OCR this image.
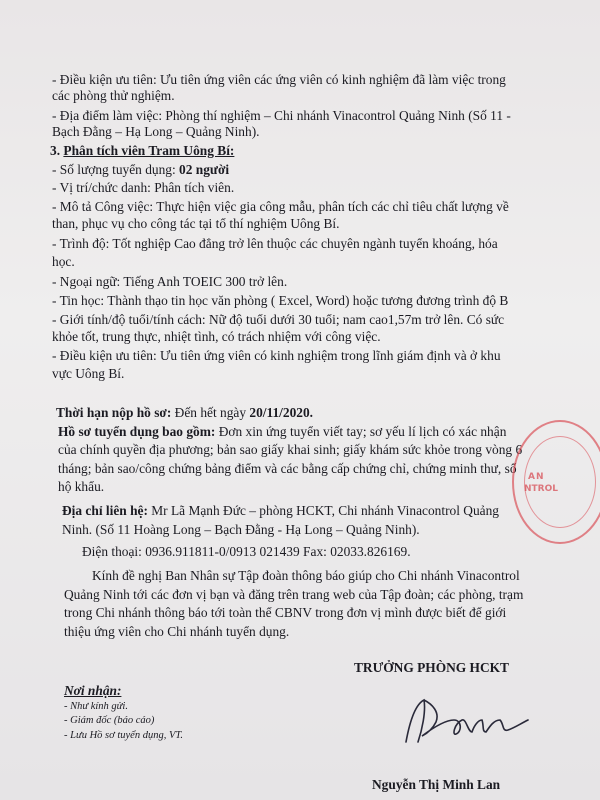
- Điều kiện ưu tiên: Ưu tiên ứng viên các ứng viên có kinh nghiệm đã làm việc trong
các phòng thử nghiệm.
- Địa điểm làm việc: Phòng thí nghiệm – Chi nhánh Vinacontrol Quảng Ninh (Số 11 -
Bạch Đằng – Hạ Long – Quảng Ninh).
3. Phân tích viên Tram Uông Bí:
- Số lượng tuyển dụng: 02 người
- Vị trí/chức danh: Phân tích viên.
- Mô tả Công việc: Thực hiện việc gia công mẫu, phân tích các chỉ tiêu chất lượng về
than, phục vụ cho công tác tại tổ thí nghiệm Uông Bí.
- Trình độ: Tốt nghiệp Cao đẳng trở lên thuộc các chuyên ngành tuyển khoáng, hóa
học.
- Ngoại ngữ: Tiếng Anh TOEIC 300 trở lên.
- Tin học: Thành thạo tin học văn phòng ( Excel, Word) hoặc tương đương trình độ B
- Giới tính/độ tuổi/tính cách: Nữ độ tuổi dưới 30 tuổi; nam cao1,57m trở lên. Có sức
khỏe tốt, trung thực, nhiệt tình, có trách nhiệm với công việc.
- Điều kiện ưu tiên: Ưu tiên ứng viên có kinh nghiệm trong lĩnh giám định và ở khu
vực Uông Bí.
Thời hạn nộp hồ sơ: Đến hết ngày 20/11/2020.
Hồ sơ tuyển dụng bao gồm: Đơn xin ứng tuyển viết tay; sơ yếu lí lịch có xác nhận
của chính quyền địa phương; bản sao giấy khai sinh; giấy khám sức khỏe trong vòng 6
tháng; bản sao/công chứng bảng điểm và các bằng cấp chứng chỉ, chứng minh thư, sổ
hộ khẩu.
Địa chỉ liên hệ: Mr Lã Mạnh Đức – phòng HCKT, Chi nhánh Vinacontrol Quảng
Ninh. (Số 11 Hoàng Long – Bạch Đằng - Hạ Long – Quảng Ninh).
Điện thoại: 0936.911811-0/0913 021439 Fax: 02033.826169.
Kính đề nghị Ban Nhân sự Tập đoàn thông báo giúp cho Chi nhánh Vinacontrol
Quảng Ninh tới các đơn vị bạn và đăng trên trang web của Tập đoàn; các phòng, trạm
trong Chi nhánh thông báo tới toàn thể CBNV trong đơn vị mình được biết để giới
thiệu ứng viên cho Chi nhánh tuyển dụng.
TRƯỞNG PHÒNG HCKT
Nơi nhận:
- Như kính gửi.
- Giám đốc (báo cáo)
- Lưu Hồ sơ tuyển dụng, VT.
Nguyễn Thị Minh Lan
AN
NTROL
